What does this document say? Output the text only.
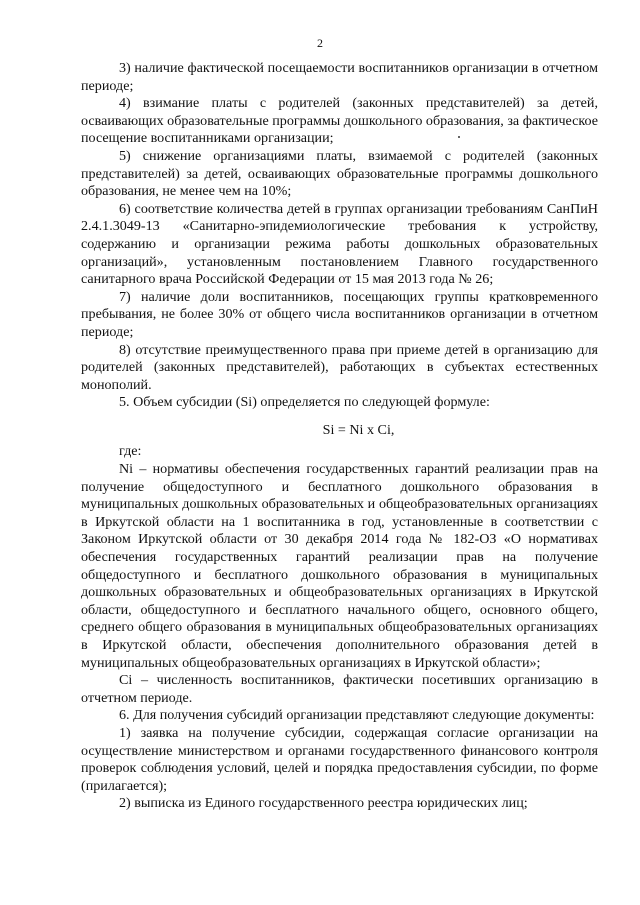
2

3) наличие фактической посещаемости воспитанников организации в отчетном периоде;

4) взимание платы с родителей (законных представителей) за детей, осваивающих образовательные программы дошкольного образования, за фактическое посещение воспитанниками организации;

5) снижение организациями платы, взимаемой с родителей (законных представителей) за детей, осваивающих образовательные программы дошкольного образования, не менее чем на 10%;

6) соответствие количества детей в группах организации требованиям СанПиН 2.4.1.3049-13 «Санитарно-эпидемиологические требования к устройству, содержанию и организации режима работы дошкольных образовательных организаций», установленным постановлением Главного государственного санитарного врача Российской Федерации от 15 мая 2013 года № 26;

7) наличие доли воспитанников, посещающих группы кратковременного пребывания, не более 30% от общего числа воспитанников организации в отчетном периоде;

8) отсутствие преимущественного права при приеме детей в организацию для родителей (законных представителей), работающих в субъектах естественных монополий.

5. Объем субсидии (Si) определяется по следующей формуле:

Si = Ni x Ci,

где:

Ni – нормативы обеспечения государственных гарантий реализации прав на получение общедоступного и бесплатного дошкольного образования в муниципальных дошкольных образовательных и общеобразовательных организациях в Иркутской области на 1 воспитанника в год, установленные в соответствии с Законом Иркутской области от 30 декабря 2014 года № 182-ОЗ «О нормативах обеспечения государственных гарантий реализации прав на получение общедоступного и бесплатного дошкольного образования в муниципальных дошкольных образовательных и общеобразовательных организациях в Иркутской области, общедоступного и бесплатного начального общего, основного общего, среднего общего образования в муниципальных общеобразовательных организациях в Иркутской области, обеспечения дополнительного образования детей в муниципальных общеобразовательных организациях в Иркутской области»;

Ci – численность воспитанников, фактически посетивших организацию в отчетном периоде.

6. Для получения субсидий организации представляют следующие документы:

1) заявка на получение субсидии, содержащая согласие организации на осуществление министерством и органами государственного финансового контроля проверок соблюдения условий, целей и порядка предоставления субсидии, по форме (прилагается);

2) выписка из Единого государственного реестра юридических лиц;
